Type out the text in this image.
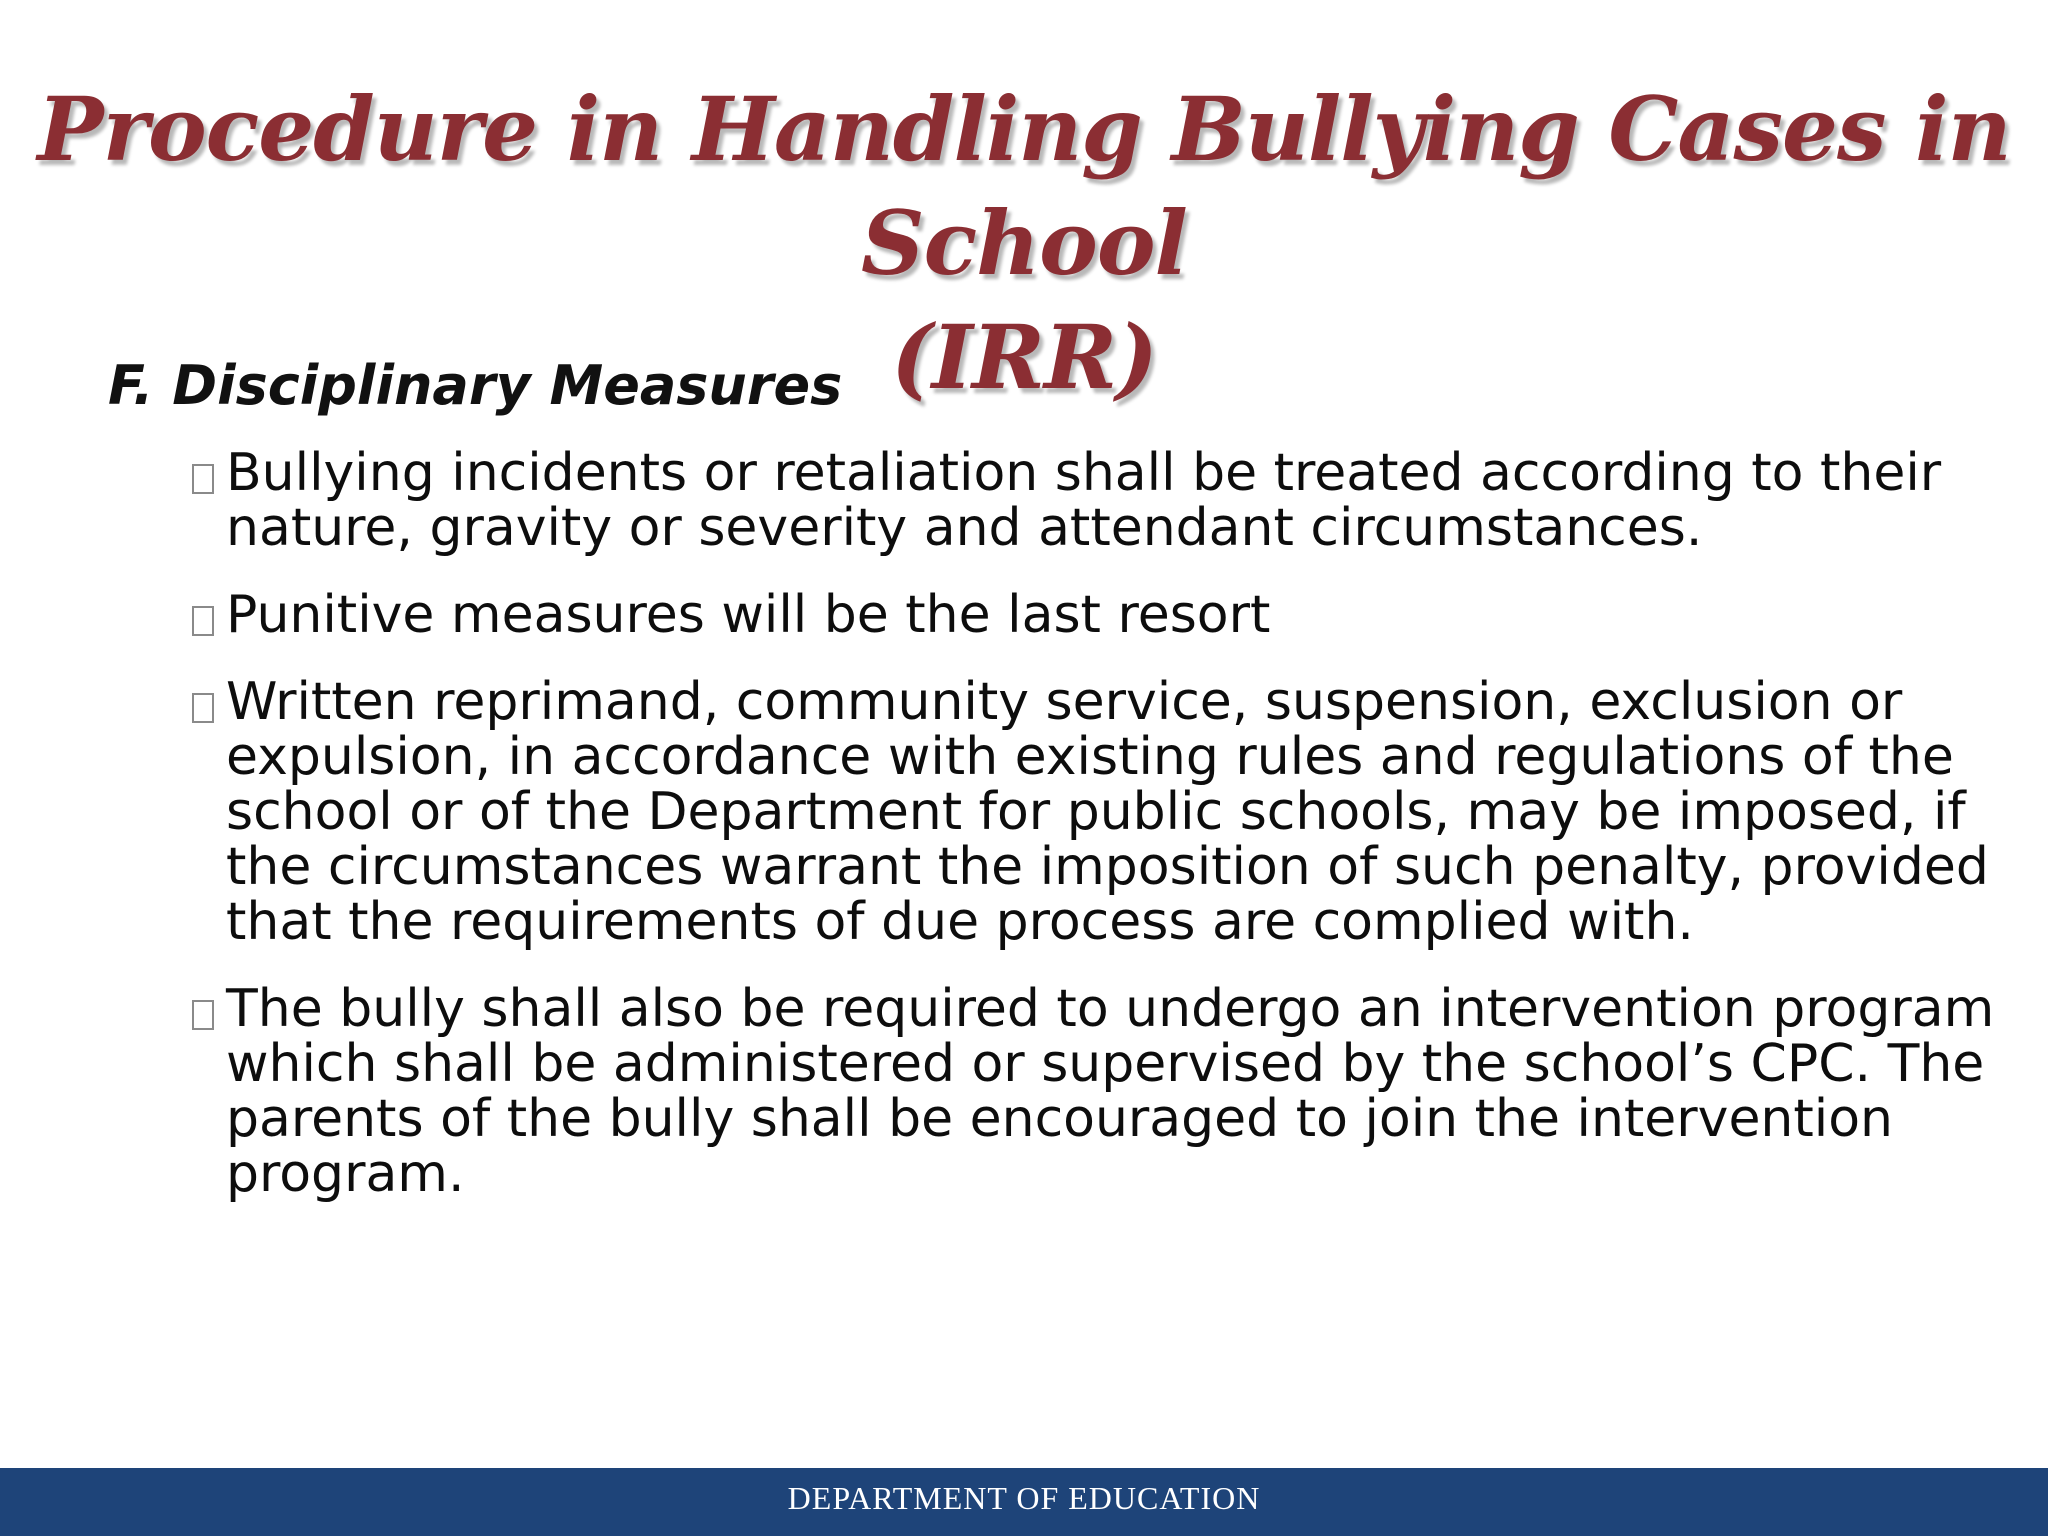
Procedure in Handling Bullying Cases in School
(IRR)
F. Disciplinary Measures
Bullying incidents or retaliation shall be treated according to their nature, gravity or severity and attendant circumstances.
Punitive measures will be the last resort
Written reprimand, community service, suspension, exclusion or expulsion, in accordance with existing rules and regulations of the school or of the Department for public schools, may be imposed, if the circumstances warrant the imposition of such penalty, provided that the requirements of due process are complied with.
The bully shall also be required to undergo an intervention program which shall be administered or supervised by the school’s CPC. The parents of the bully shall be encouraged to join the intervention program.
DEPARTMENT OF EDUCATION
